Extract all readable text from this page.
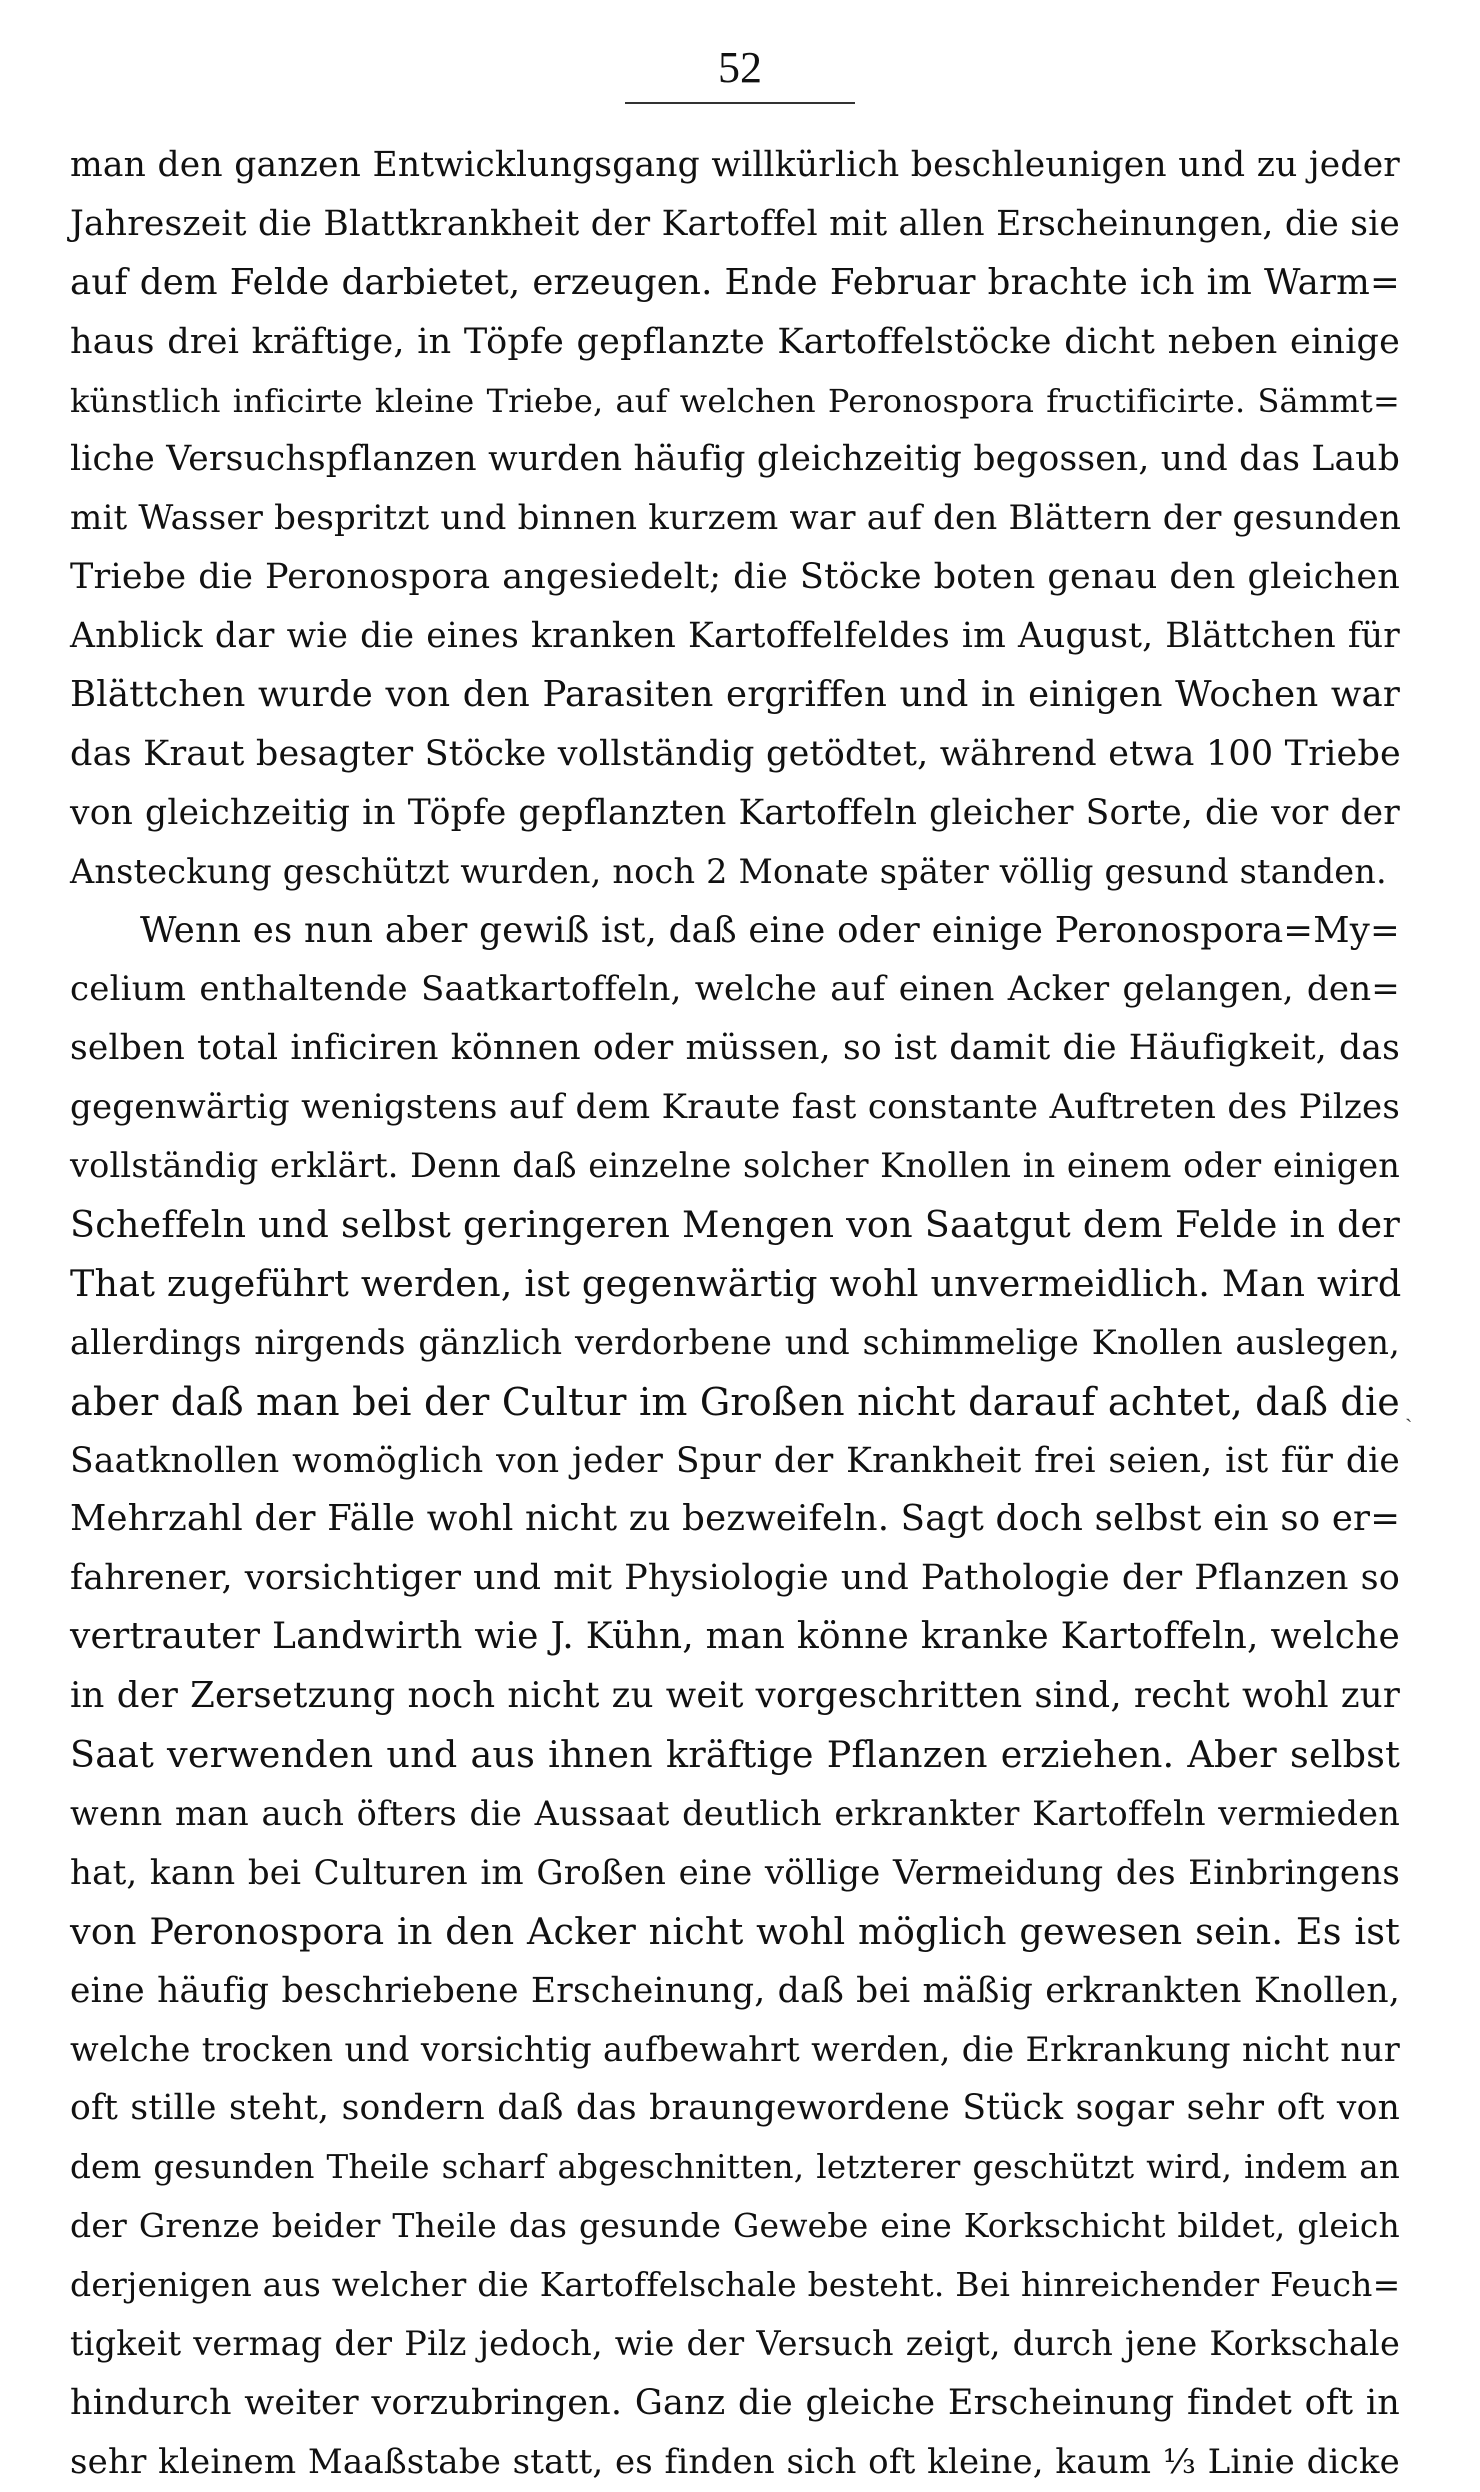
52
man den ganzen Entwicklungsgang willkürlich beschleunigen und zu jeder
Jahreszeit die Blattkrankheit der Kartoffel mit allen Erscheinungen, die sie
auf dem Felde darbietet, erzeugen. Ende Februar brachte ich im Warm=
haus drei kräftige, in Töpfe gepflanzte Kartoffelstöcke dicht neben einige
künstlich inficirte kleine Triebe, auf welchen Peronospora fructificirte. Sämmt=
liche Versuchspflanzen wurden häufig gleichzeitig begossen, und das Laub
mit Wasser bespritzt und binnen kurzem war auf den Blättern der gesunden
Triebe die Peronospora angesiedelt; die Stöcke boten genau den gleichen
Anblick dar wie die eines kranken Kartoffelfeldes im August, Blättchen für
Blättchen wurde von den Parasiten ergriffen und in einigen Wochen war
das Kraut besagter Stöcke vollständig getödtet, während etwa 100 Triebe
von gleichzeitig in Töpfe gepflanzten Kartoffeln gleicher Sorte, die vor der
Ansteckung geschützt wurden, noch 2 Monate später völlig gesund standen.
Wenn es nun aber gewiß ist, daß eine oder einige Peronospora=My=
celium enthaltende Saatkartoffeln, welche auf einen Acker gelangen, den=
selben total inficiren können oder müssen, so ist damit die Häufigkeit, das
gegenwärtig wenigstens auf dem Kraute fast constante Auftreten des Pilzes
vollständig erklärt. Denn daß einzelne solcher Knollen in einem oder einigen
Scheffeln und selbst geringeren Mengen von Saatgut dem Felde in der
That zugeführt werden, ist gegenwärtig wohl unvermeidlich. Man wird
allerdings nirgends gänzlich verdorbene und schimmelige Knollen auslegen,
aber daß man bei der Cultur im Großen nicht darauf achtet, daß die
Saatknollen womöglich von jeder Spur der Krankheit frei seien, ist für die
Mehrzahl der Fälle wohl nicht zu bezweifeln. Sagt doch selbst ein so er=
fahrener, vorsichtiger und mit Physiologie und Pathologie der Pflanzen so
vertrauter Landwirth wie J. Kühn, man könne kranke Kartoffeln, welche
in der Zersetzung noch nicht zu weit vorgeschritten sind, recht wohl zur
Saat verwenden und aus ihnen kräftige Pflanzen erziehen. Aber selbst
wenn man auch öfters die Aussaat deutlich erkrankter Kartoffeln vermieden
hat, kann bei Culturen im Großen eine völlige Vermeidung des Einbringens
von Peronospora in den Acker nicht wohl möglich gewesen sein. Es ist
eine häufig beschriebene Erscheinung, daß bei mäßig erkrankten Knollen,
welche trocken und vorsichtig aufbewahrt werden, die Erkrankung nicht nur
oft stille steht, sondern daß das braungewordene Stück sogar sehr oft von
dem gesunden Theile scharf abgeschnitten, letzterer geschützt wird, indem an
der Grenze beider Theile das gesunde Gewebe eine Korkschicht bildet, gleich
derjenigen aus welcher die Kartoffelschale besteht. Bei hinreichender Feuch=
tigkeit vermag der Pilz jedoch, wie der Versuch zeigt, durch jene Korkschale
hindurch weiter vorzubringen. Ganz die gleiche Erscheinung findet oft in
sehr kleinem Maaßstabe statt, es finden sich oft kleine, kaum ⅓ Linie dicke
ˎ
